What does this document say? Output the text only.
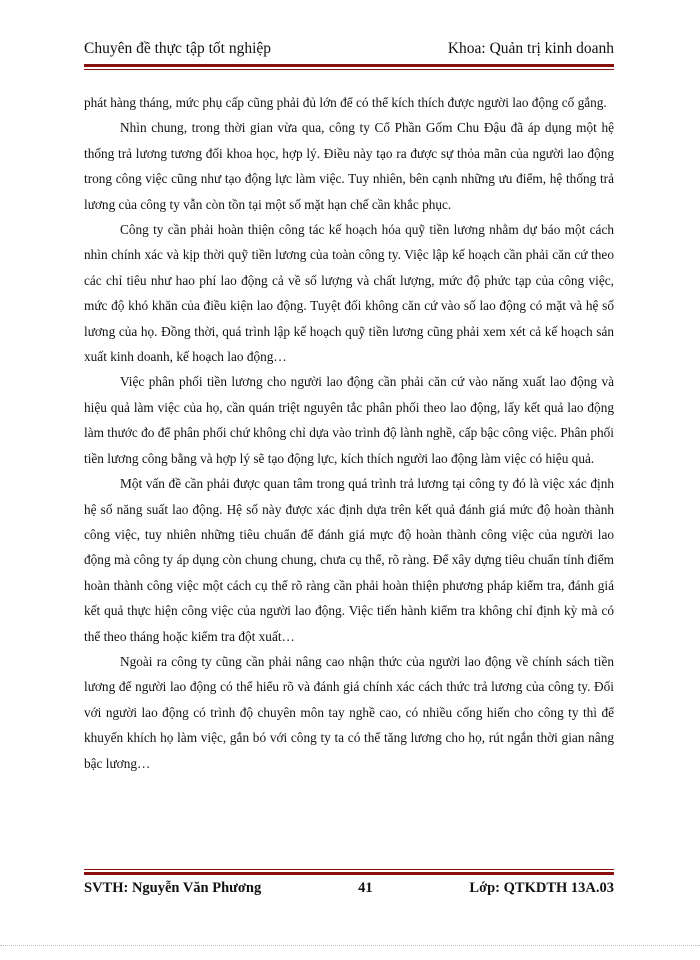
Chuyên đề thực tập tốt nghiệp	Khoa: Quản trị kinh doanh

phát hàng tháng, mức phụ cấp cũng phải đủ lớn để có thể kích thích được người lao động cố gắng.

Nhìn chung, trong thời gian vừa qua, công ty Cổ Phần Gốm Chu Đậu đã áp dụng một hệ thống trả lương tương đối khoa học, hợp lý. Điều này tạo ra được sự thỏa mãn của người lao động trong công việc cũng như tạo động lực làm việc. Tuy nhiên, bên cạnh những ưu điểm, hệ thống trả lương của công ty vẫn còn tồn tại một số mặt hạn chế cần khắc phục.

Công ty cần phải hoàn thiện công tác kế hoạch hóa quỹ tiền lương nhằm dự báo một cách nhìn chính xác và kịp thời quỹ tiền lương của toàn công ty. Việc lập kế hoạch cần phải căn cứ theo các chỉ tiêu như hao phí lao động cả về số lượng và chất lượng, mức độ phức tạp của công việc, mức độ khó khăn của điều kiện lao động. Tuyệt đối không căn cứ vào số lao động có mặt và hệ số lương của họ. Đồng thời, quá trình lập kế hoạch quỹ tiền lương cũng phải xem xét cả kế hoạch sản xuất kinh doanh, kế hoạch lao động…

Việc phân phối tiền lương cho người lao động cần phải căn cứ vào năng xuất lao động và hiệu quả làm việc của họ, cần quán triệt nguyên tắc phân phối theo lao động, lấy kết quả lao động làm thước đo để phân phối chứ không chỉ dựa vào trình độ lành nghề, cấp bậc công việc. Phân phối tiền lương công bằng và hợp lý sẽ tạo động lực, kích thích người lao động làm việc có hiệu quả.

Một vấn đề cần phải được quan tâm trong quá trình trả lương tại công ty đó là việc xác định hệ số năng suất lao động. Hệ số này được xác định dựa trên kết quả đánh giá mức độ hoàn thành công việc, tuy nhiên những tiêu chuẩn để đánh giá mực độ hoàn thành công việc của người lao động mà công ty áp dụng còn chung chung, chưa cụ thể, rõ ràng. Để xây dựng tiêu chuẩn tính điểm hoàn thành công việc một cách cụ thể rõ ràng cần phải hoàn thiện phương pháp kiểm tra, đánh giá kết quả thực hiện công việc của người lao động. Việc tiến hành kiểm tra không chỉ định kỳ mà có thể theo tháng hoặc kiểm tra đột xuất…

Ngoài ra công ty cũng cần phải nâng cao nhận thức của người lao động về chính sách tiền lương để người lao động có thể hiểu rõ và đánh giá chính xác cách thức trả lương của công ty. Đối với người lao động có trình độ chuyên môn tay nghề cao, có nhiều cống hiến cho công ty thì để khuyến khích họ làm việc, gắn bó với công ty ta có thể tăng lương cho họ, rút ngắn thời gian nâng bậc lương…

SVTH: Nguyễn Văn Phương	41	Lớp: QTKDTH 13A.03
